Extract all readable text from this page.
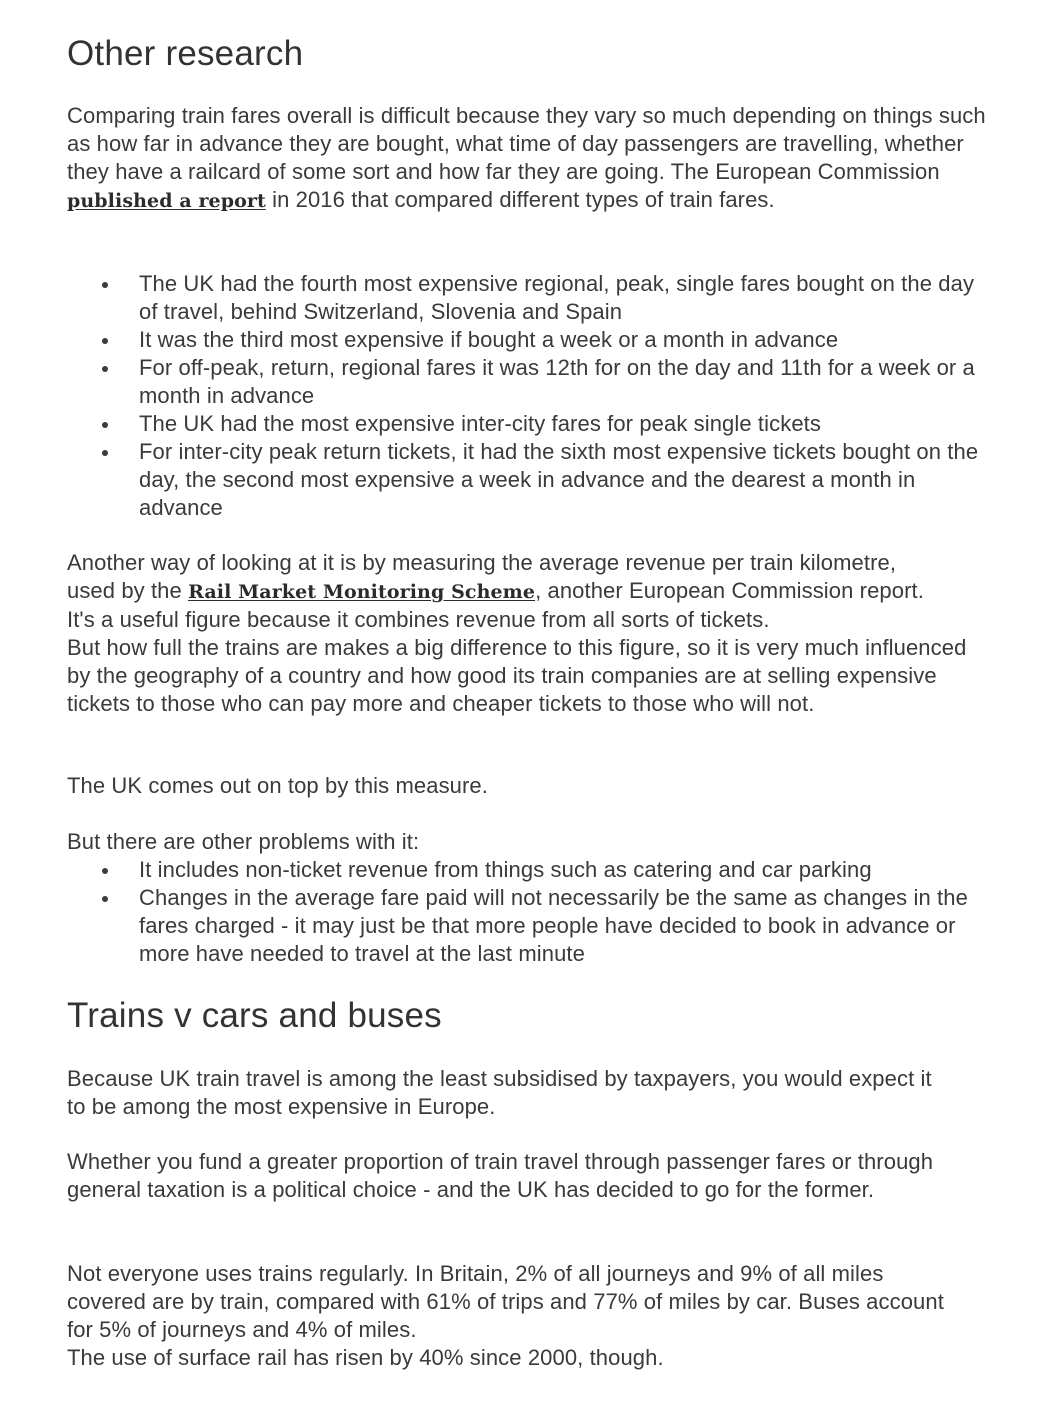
Other research

Comparing train fares overall is difficult because they vary so much depending on things such as how far in advance they are bought, what time of day passengers are travelling, whether they have a railcard of some sort and how far they are going. The European Commission published a report in 2016 that compared different types of train fares.

The UK had the fourth most expensive regional, peak, single fares bought on the day of travel, behind Switzerland, Slovenia and Spain
It was the third most expensive if bought a week or a month in advance
For off-peak, return, regional fares it was 12th for on the day and 11th for a week or a month in advance
The UK had the most expensive inter-city fares for peak single tickets
For inter-city peak return tickets, it had the sixth most expensive tickets bought on the day, the second most expensive a week in advance and the dearest a month in advance

Another way of looking at it is by measuring the average revenue per train kilometre,
used by the Rail Market Monitoring Scheme, another European Commission report.
It's a useful figure because it combines revenue from all sorts of tickets.
But how full the trains are makes a big difference to this figure, so it is very much influenced by the geography of a country and how good its train companies are at selling expensive tickets to those who can pay more and cheaper tickets to those who will not.

The UK comes out on top by this measure.

But there are other problems with it:

It includes non-ticket revenue from things such as catering and car parking
Changes in the average fare paid will not necessarily be the same as changes in the fares charged - it may just be that more people have decided to book in advance or more have needed to travel at the last minute
Trains v cars and buses

Because UK train travel is among the least subsidised by taxpayers, you would expect it to be among the most expensive in Europe.

Whether you fund a greater proportion of train travel through passenger fares or through general taxation is a political choice - and the UK has decided to go for the former.

Not everyone uses trains regularly. In Britain, 2% of all journeys and 9% of all miles covered are by train, compared with 61% of trips and 77% of miles by car. Buses account for 5% of journeys and 4% of miles.
The use of surface rail has risen by 40% since 2000, though.
